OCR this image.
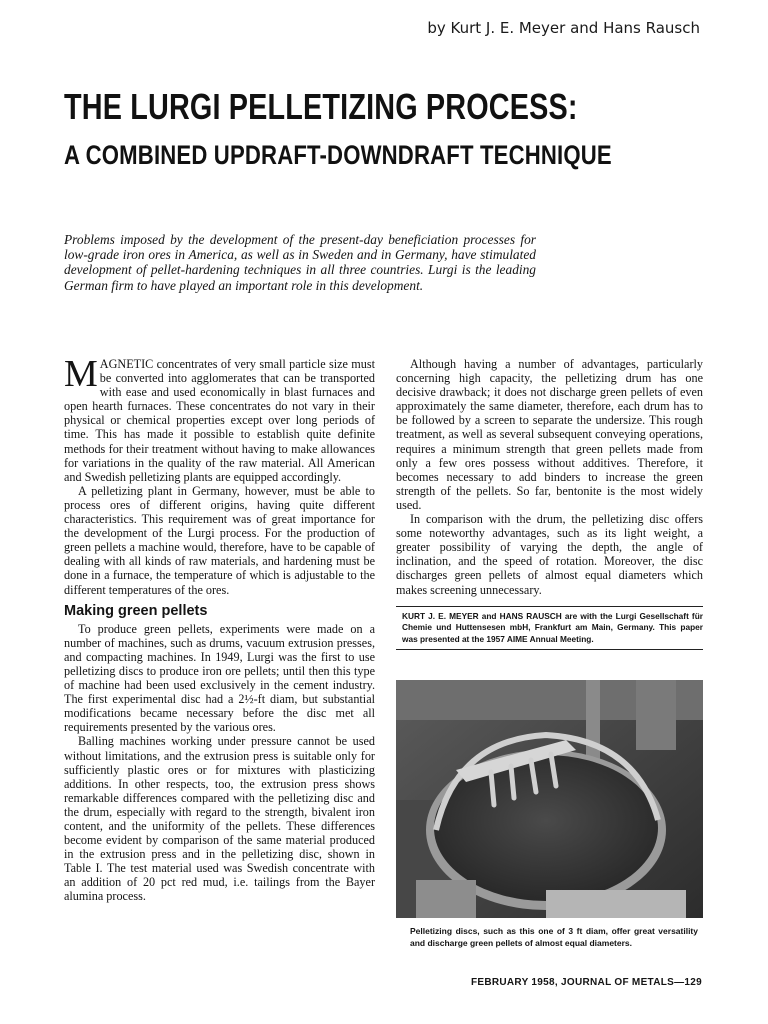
by Kurt J. E. Meyer and Hans Rausch
THE LURGI PELLETIZING PROCESS:
A COMBINED UPDRAFT-DOWNDRAFT TECHNIQUE

Problems imposed by the development of the present-day beneficiation processes for low-grade iron ores in America, as well as in Sweden and in Germany, have stimulated development of pellet-hardening techniques in all three countries. Lurgi is the leading German firm to have played an important role in this development.

MAGNETIC concentrates of very small particle size must be converted into agglomerates that can be transported with ease and used economically in blast furnaces and open hearth furnaces. These concentrates do not vary in their physical or chemical properties except over long periods of time. This has made it possible to establish quite definite methods for their treatment without having to make allowances for variations in the quality of the raw material. All American and Swedish pelletizing plants are equipped accordingly.

A pelletizing plant in Germany, however, must be able to process ores of different origins, having quite different characteristics. This requirement was of great importance for the development of the Lurgi process. For the production of green pellets a machine would, therefore, have to be capable of dealing with all kinds of raw materials, and hardening must be done in a furnace, the temperature of which is adjustable to the different temperatures of the ores.

Making green pellets

To produce green pellets, experiments were made on a number of machines, such as drums, vacuum extrusion presses, and compacting machines. In 1949, Lurgi was the first to use pelletizing discs to produce iron ore pellets; until then this type of machine had been used exclusively in the cement industry. The first experimental disc had a 2½-ft diam, but substantial modifications became necessary before the disc met all requirements presented by the various ores.

Balling machines working under pressure cannot be used without limitations, and the extrusion press is suitable only for sufficiently plastic ores or for mixtures with plasticizing additions. In other respects, too, the extrusion press shows remarkable differences compared with the pelletizing disc and the drum, especially with regard to the strength, bivalent iron content, and the uniformity of the pellets. These differences become evident by comparison of the same material produced in the extrusion press and in the pelletizing disc, shown in Table I. The test material used was Swedish concentrate with an addition of 20 pct red mud, i.e. tailings from the Bayer alumina process.

Although having a number of advantages, particularly concerning high capacity, the pelletizing drum has one decisive drawback; it does not discharge green pellets of even approximately the same diameter, therefore, each drum has to be followed by a screen to separate the undersize. This rough treatment, as well as several subsequent conveying operations, requires a minimum strength that green pellets made from only a few ores possess without additives. Therefore, it becomes necessary to add binders to increase the green strength of the pellets. So far, bentonite is the most widely used.

In comparison with the drum, the pelletizing disc offers some noteworthy advantages, such as its light weight, a greater possibility of varying the depth, the angle of inclination, and the speed of rotation. Moreover, the disc discharges green pellets of almost equal diameters which makes screening unnecessary.

KURT J. E. MEYER and HANS RAUSCH are with the Lurgi Gesellschaft für Chemie und Huttensesen mbH, Frankfurt am Main, Germany. This paper was presented at the 1957 AIME Annual Meeting.

Pelletizing discs, such as this one of 3 ft diam, offer great versatility and discharge green pellets of almost equal diameters.

FEBRUARY 1958, JOURNAL OF METALS—129
